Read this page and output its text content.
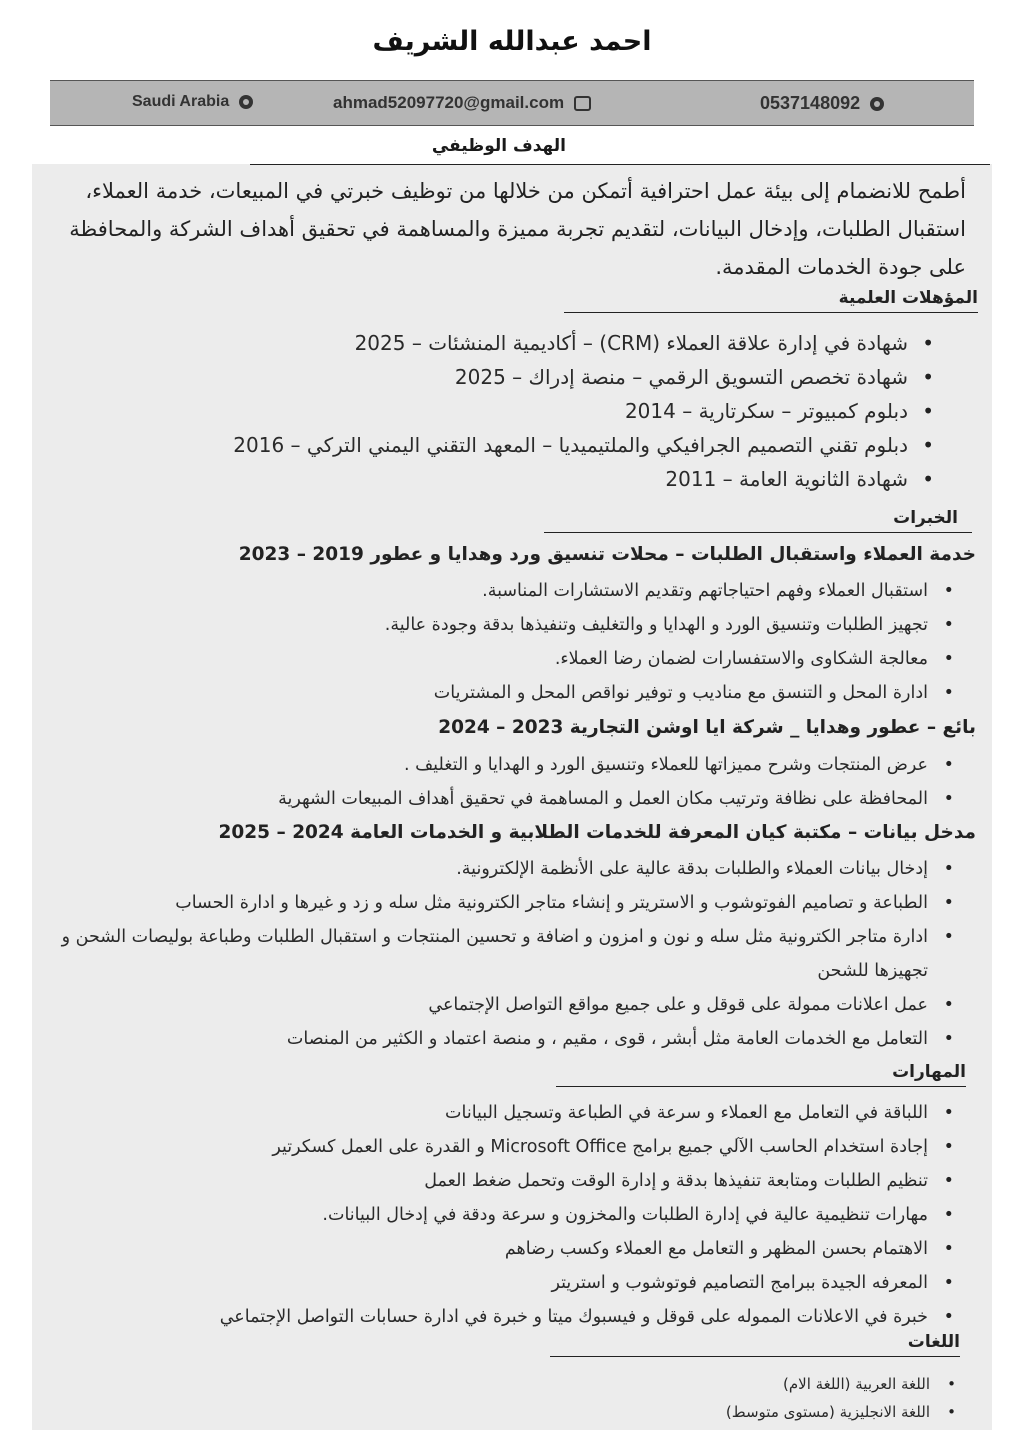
احمد عبدالله الشريف
Saudi Arabia	ahmad52097720@gmail.com	0537148092
الهدف الوظيفي
أطمح للانضمام إلى بيئة عمل احترافية أتمكن من خلالها من توظيف خبرتي في المبيعات، خدمة العملاء، استقبال الطلبات، وإدخال البيانات، لتقديم تجربة مميزة والمساهمة في تحقيق أهداف الشركة والمحافظة على جودة الخدمات المقدمة.
المؤهلات العلمية
• شهادة في إدارة علاقة العملاء (CRM) – أكاديمية المنشئات – 2025
• شهادة تخصص التسويق الرقمي – منصة إدراك – 2025
• دبلوم كمبيوتر – سكرتارية – 2014
• دبلوم تقني التصميم الجرافيكي والملتيميديا – المعهد التقني اليمني التركي – 2016
• شهادة الثانوية العامة – 2011
الخبرات
خدمة العملاء واستقبال الطلبات – محلات تنسيق ورد وهدايا و عطور 2019 – 2023
• استقبال العملاء وفهم احتياجاتهم وتقديم الاستشارات المناسبة.
• تجهيز الطلبات وتنسيق الورد و الهدايا و والتغليف وتنفيذها بدقة وجودة عالية.
• معالجة الشكاوى والاستفسارات لضمان رضا العملاء.
• ادارة المحل و التنسق مع مناديب و توفير نواقص المحل و المشتريات
بائع – عطور وهدايا _ شركة ايا اوشن التجارية 2023 – 2024
• عرض المنتجات وشرح مميزاتها للعملاء وتنسيق الورد و الهدايا و التغليف .
• المحافظة على نظافة وترتيب مكان العمل و المساهمة في تحقيق أهداف المبيعات الشهرية
مدخل بيانات – مكتبة كيان المعرفة للخدمات الطلابية و الخدمات العامة 2024 – 2025
• إدخال بيانات العملاء والطلبات بدقة عالية على الأنظمة الإلكترونية.
• الطباعة و تصاميم الفوتوشوب و الاستريتر و إنشاء متاجر الكترونية مثل سله و زد و غيرها و ادارة الحساب
• ادارة متاجر الكترونية مثل سله و نون و امزون و اضافة و تحسين المنتجات و استقبال الطلبات وطباعة بوليصات الشحن و تجهيزها للشحن
• عمل اعلانات ممولة على قوقل و على جميع مواقع التواصل الإجتماعي
• التعامل مع الخدمات العامة مثل أبشر ، قوى ، مقيم ، و منصة اعتماد و الكثير من المنصات
المهارات
• اللباقة في التعامل مع العملاء و سرعة في الطباعة وتسجيل البيانات
• إجادة استخدام الحاسب الآلي جميع برامج Microsoft Office و القدرة على العمل كسكرتير
• تنظيم الطلبات ومتابعة تنفيذها بدقة و إدارة الوقت وتحمل ضغط العمل
• مهارات تنظيمية عالية في إدارة الطلبات والمخزون و سرعة ودقة في إدخال البيانات.
• الاهتمام بحسن المظهر و التعامل مع العملاء وكسب رضاهم
• المعرفه الجيدة ببرامج التصاميم فوتوشوب و استريتر
• خبرة في الاعلانات المموله على قوقل و فيسبوك ميتا و خبرة في ادارة حسابات التواصل الإجتماعي
اللغات
• اللغة العربية (اللغة الام)
• اللغة الانجليزية (مستوى متوسط)
